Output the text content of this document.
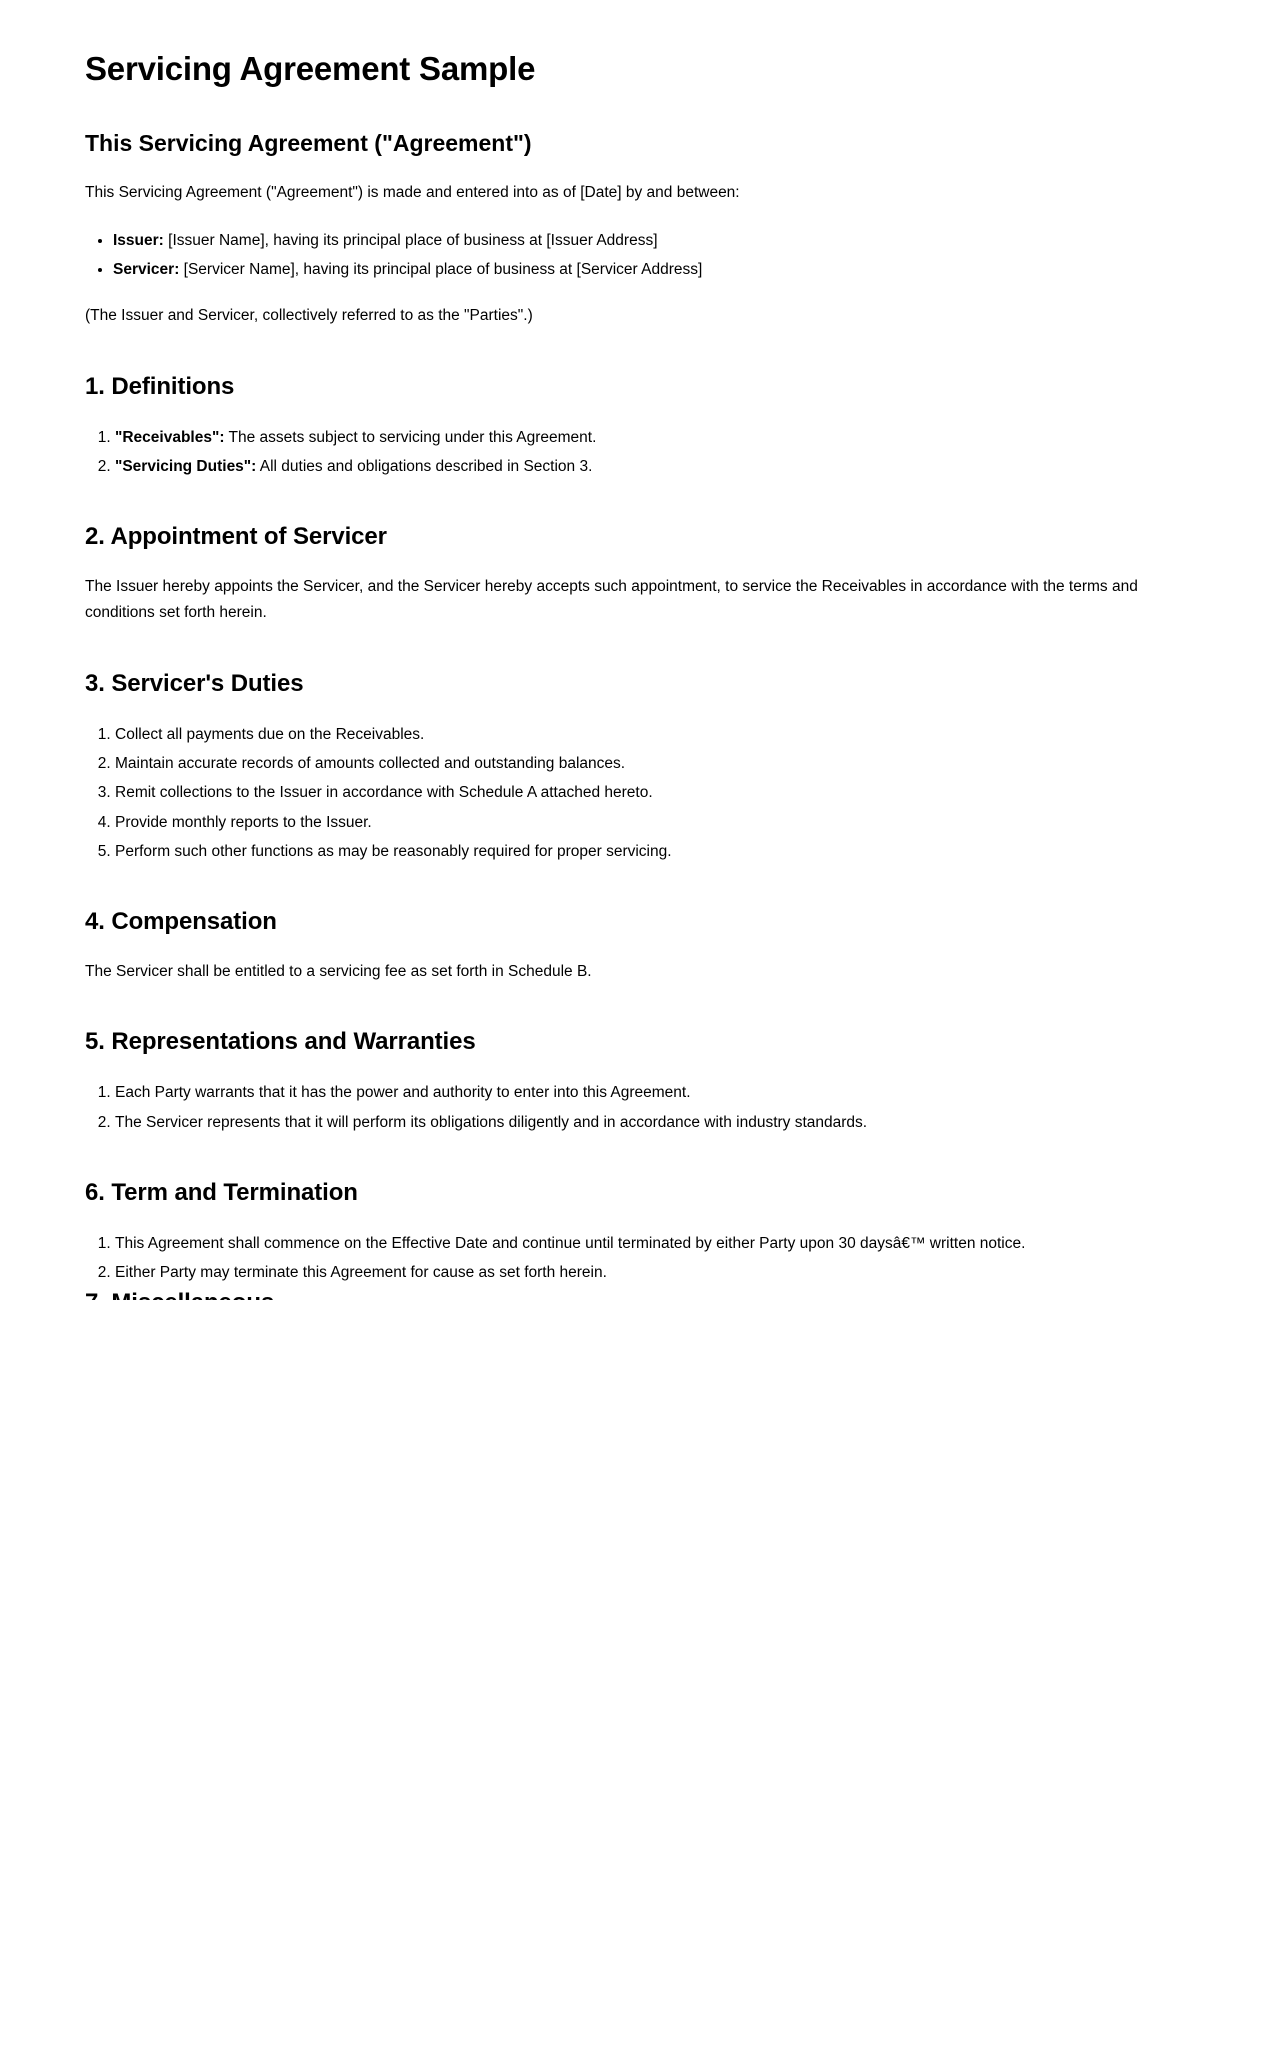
Servicing Agreement Sample
This Servicing Agreement ("Agreement")

This Servicing Agreement ("Agreement") is made and entered into as of [Date] by and between:

• Issuer: [Issuer Name], having its principal place of business at [Issuer Address]
• Servicer: [Servicer Name], having its principal place of business at [Servicer Address]

(The Issuer and Servicer, collectively referred to as the "Parties".)

1. Definitions
1. "Receivables": The assets subject to servicing under this Agreement.
2. "Servicing Duties": All duties and obligations described in Section 3.
2. Appointment of Servicer

The Issuer hereby appoints the Servicer, and the Servicer hereby accepts such appointment, to service the Receivables in accordance with the terms and conditions set forth herein.

3. Servicer's Duties
1. Collect all payments due on the Receivables.
2. Maintain accurate records of amounts collected and outstanding balances.
3. Remit collections to the Issuer in accordance with Schedule A attached hereto.
4. Provide monthly reports to the Issuer.
5. Perform such other functions as may be reasonably required for proper servicing.
4. Compensation

The Servicer shall be entitled to a servicing fee as set forth in Schedule B.

5. Representations and Warranties
1. Each Party warrants that it has the power and authority to enter into this Agreement.
2. The Servicer represents that it will perform its obligations diligently and in accordance with industry standards.
6. Term and Termination
1. This Agreement shall commence on the Effective Date and continue until terminated by either Party upon 30 daysâ€™ written notice.
2. Either Party may terminate this Agreement for cause as set forth herein.
